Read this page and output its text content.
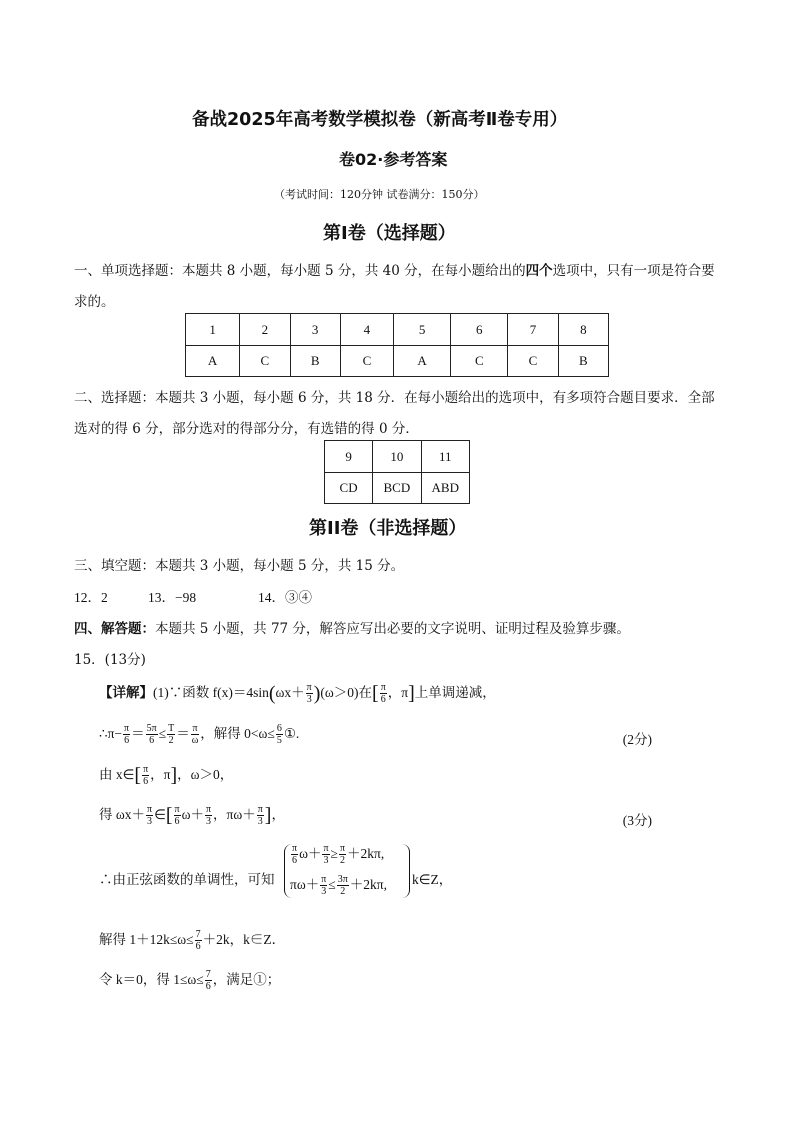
备战2025年高考数学模拟卷（新高考Ⅱ卷专用）
卷02·参考答案
（考试时间：120分钟 试卷满分：150分）
第I卷（选择题）
一、单项选择题：本题共 8 小题，每小题 5 分，共 40 分，在每小题给出的四个选项中，只有一项是符合要
求的。
1	2	3	4	5	6	7	8
A	C	B	C	A	C	C	B
二、选择题：本题共 3 小题，每小题 6 分，共 18 分．在每小题给出的选项中，有多项符合题目要求．全部
选对的得 6 分，部分选对的得部分分，有选错的得 0 分．
9	10	11
CD	BCD	ABD
第II卷（非选择题）
三、填空题：本题共 3 小题，每小题 5 分，共 15 分。
12．2	13．−98	14．③④
四、解答题：本题共 5 小题，共 77 分，解答应写出必要的文字说明、证明过程及验算步骤。
15．(13分)
【详解】(1)∵函数 $f(x)=4\sin(\omega x+ \frac{\pi}{3} )(\omega>0)$在[ $\frac{\pi}{6}$ ，π]上单调递减，
∴π− $\frac{\pi}{6} = \frac{5\pi}{6} \le \frac{T}{2} = \frac{\pi}{\omega}$ ，解得 $0<\omega\le \frac{6}{5}$ ①.	(2分)
由 x∈[ $\frac{\pi}{6}$ ，π]，ω＞0，
得 $\omega x+ \frac{\pi}{3}$ ∈[ $\frac{\pi}{6} \omega+ \frac{\pi}{3}$ ，$\pi\omega+ \frac{\pi}{3}$ ]，	(3分)
∴由正弦函数的单调性，可知
$\frac{\pi}{6} \omega+ \frac{\pi}{3} \ge \frac{\pi}{2} +2k\pi$,
$\pi\omega+ \frac{\pi}{3} \le \frac{3\pi}{2} +2k\pi$, k∈Z，
解得 $1+12k\le\omega\le \frac{7}{6} +2k$，k∈Z．
令 k＝0，得 $1\le\omega\le \frac{7}{6}$ ，满足①；
